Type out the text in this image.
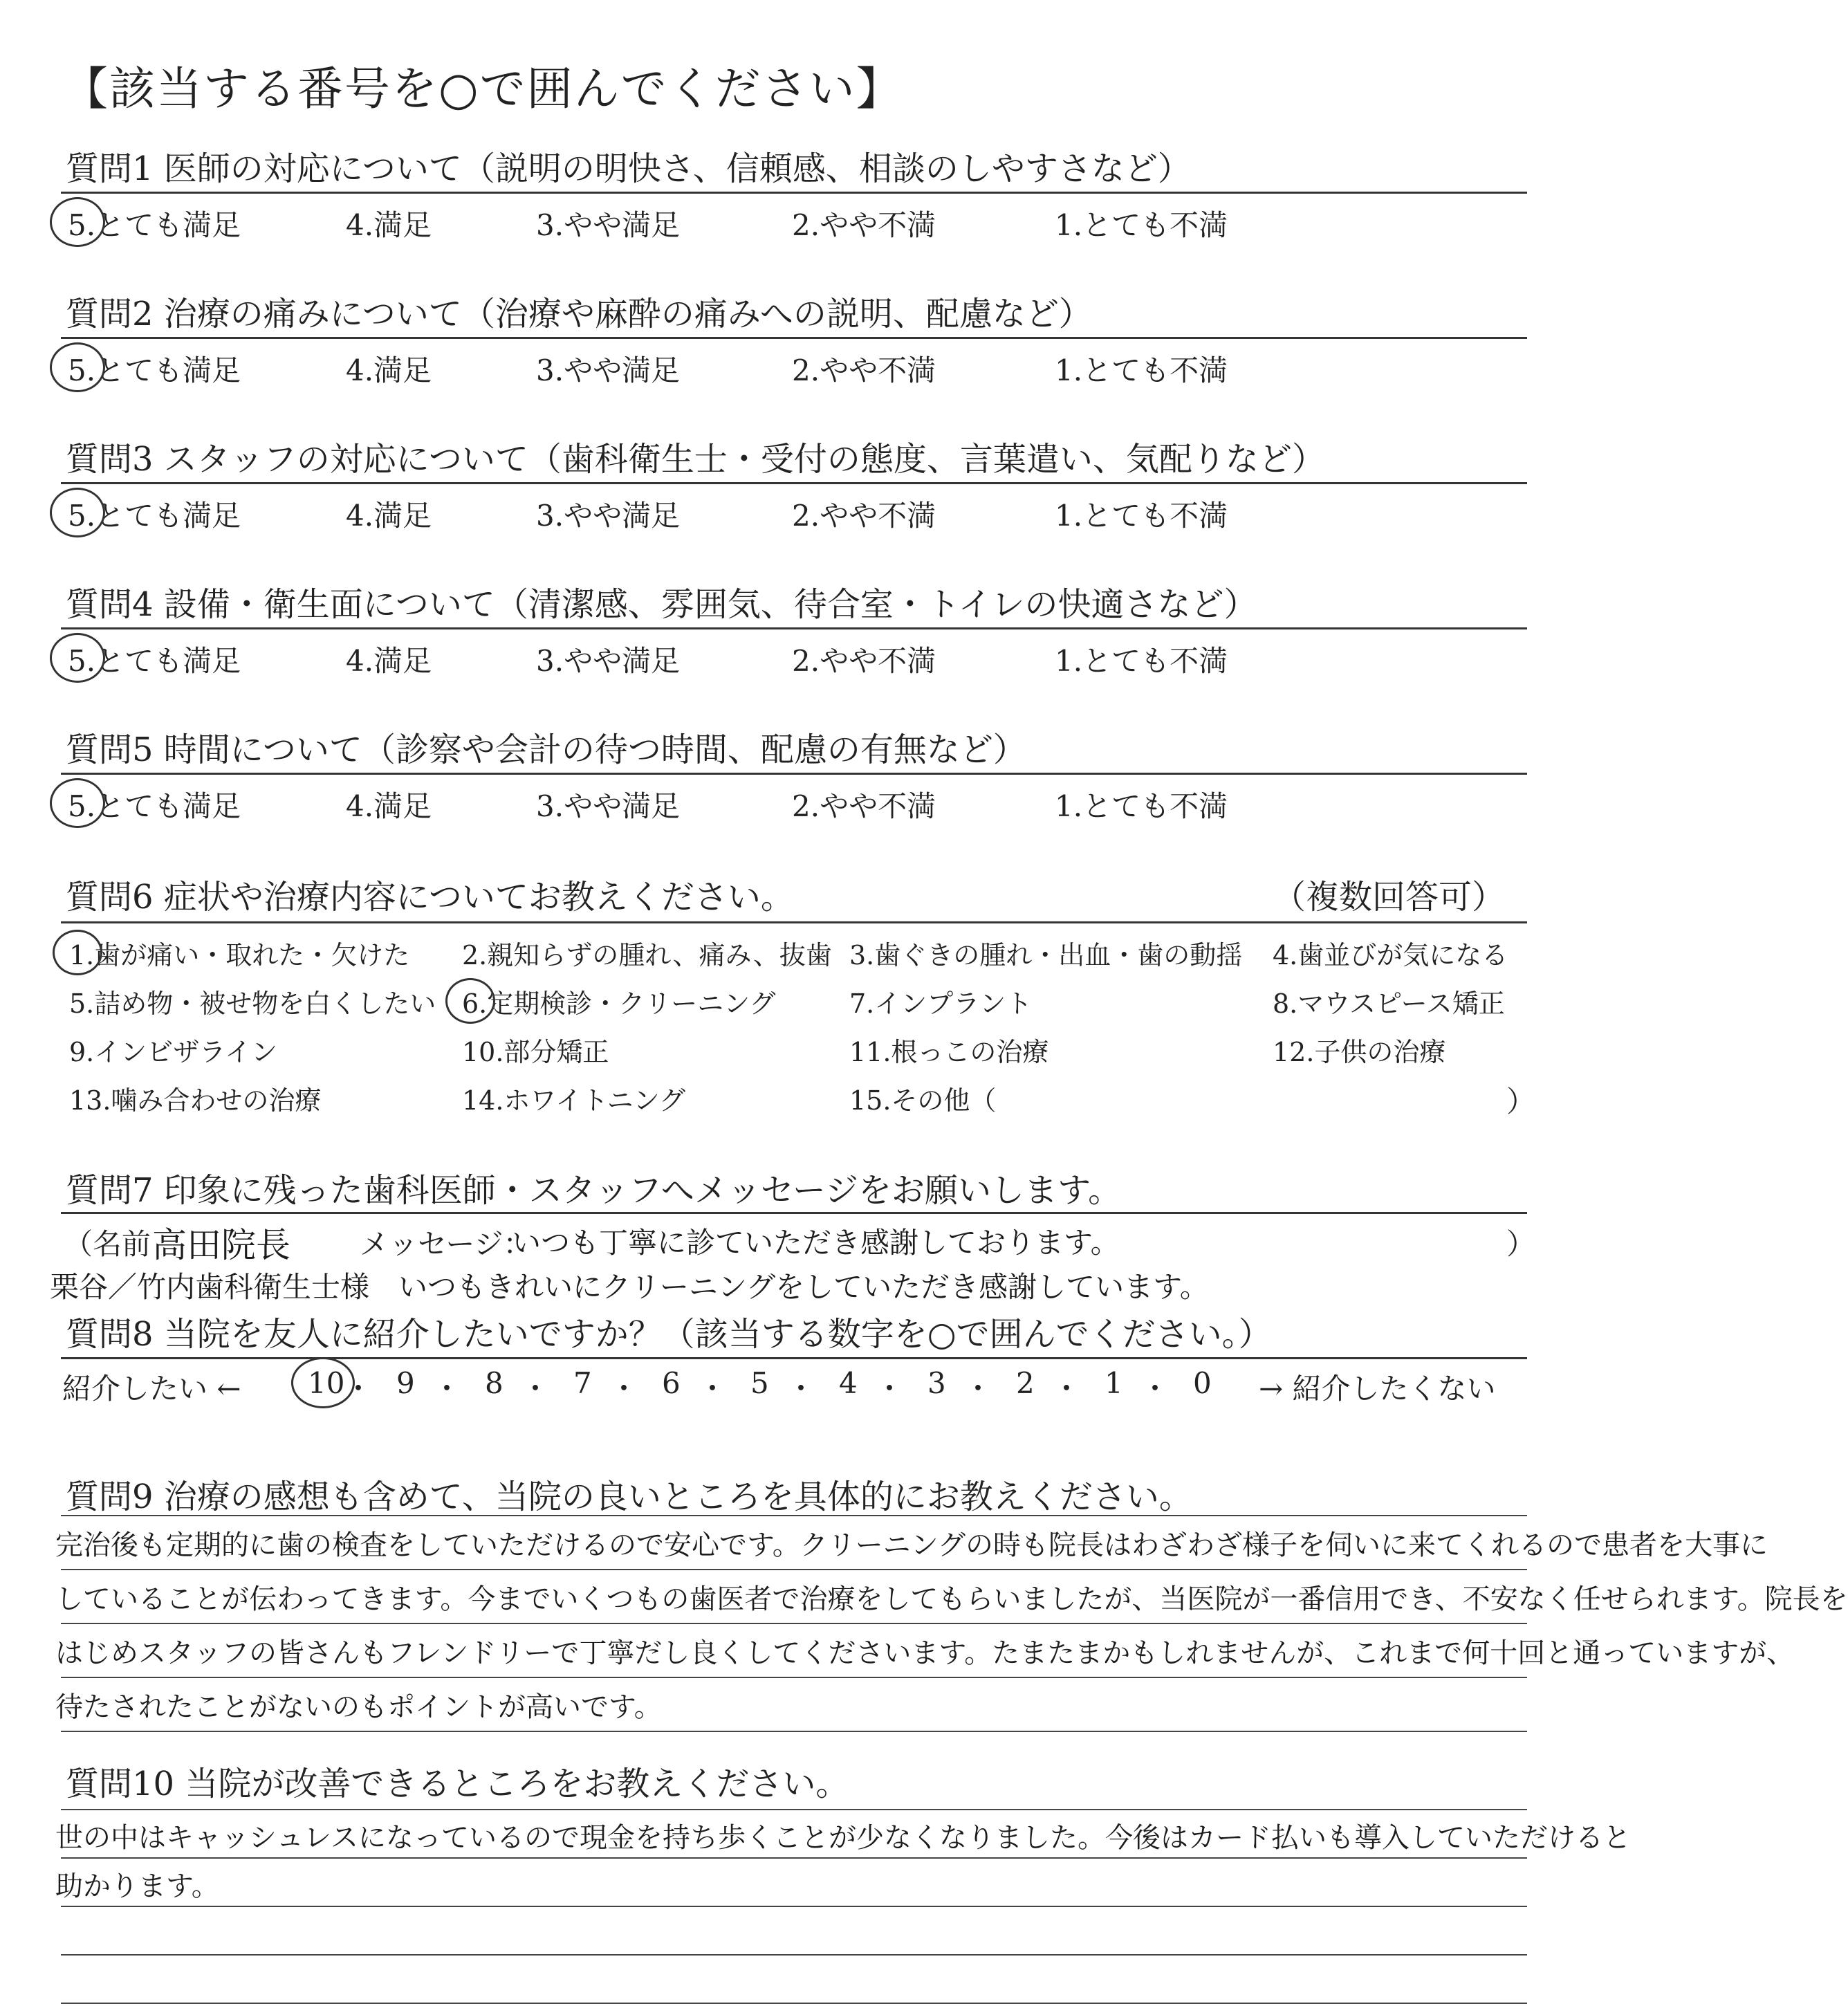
【該当する番号を○で囲んでください】
質問1 医師の対応について（説明の明快さ、信頼感、相談のしやすさなど）
5.とても満足	4.満足	3.やや満足	2.やや不満	1.とても不満
質問2 治療の痛みについて（治療や麻酔の痛みへの説明、配慮など）
5.とても満足	4.満足	3.やや満足	2.やや不満	1.とても不満
質問3 スタッフの対応について（歯科衛生士・受付の態度、言葉遣い、気配りなど）
5.とても満足	4.満足	3.やや満足	2.やや不満	1.とても不満
質問4 設備・衛生面について（清潔感、雰囲気、待合室・トイレの快適さなど）
5.とても満足	4.満足	3.やや満足	2.やや不満	1.とても不満
質問5 時間について（診察や会計の待つ時間、配慮の有無など）
5.とても満足	4.満足	3.やや満足	2.やや不満	1.とても不満
質問6 症状や治療内容についてお教えください。	（複数回答可）
1.歯が痛い・取れた・欠けた 2.親知らずの腫れ、痛み、抜歯 3.歯ぐきの腫れ・出血・歯の動揺 4.歯並びが気になる
5.詰め物・被せ物を白くしたい 6.定期検診・クリーニング	7.インプラント	8.マウスピース矯正
9.インビザライン	10.部分矯正	11.根っこの治療	12.子供の治療
13.噛み合わせの治療	14.ホワイトニング	15.その他（	）
質問7 印象に残った歯科医師・スタッフへメッセージをお願いします。
（名前 高田院長 メッセージ：
いつも丁寧に診ていただき感謝しております。	）
栗谷／竹内歯科衛生士様　いつもきれいにクリーニングをしていただき感謝しています。
質問8 当院を友人に紹介したいですか？（該当する数字を○で囲んでください。）
紹介したい ← 10
・ 9 ・ 8 ・ 7 ・ 6 ・ 5 ・ 4 ・ 3 ・ 2 ・ 1 ・ 0 → 紹介したくない
質問9 治療の感想も含めて、当院の良いところを具体的にお教えください。
完治後も定期的に歯の検査をしていただけるので安心です。クリーニングの時も院長はわざわざ様子を伺いに来てくれるので患者を大事に
していることが伝わってきます。今までいくつもの歯医者で治療をしてもらいましたが、当医院が一番信用でき、不安なく任せられます。院長を
はじめスタッフの皆さんもフレンドリーで丁寧だし良くしてくださいます。たまたまかもしれませんが、これまで何十回と通っていますが、
待たされたことがないのもポイントが高いです。
質問10 当院が改善できるところをお教えください。
世の中はキャッシュレスになっているので現金を持ち歩くことが少なくなりました。今後はカード払いも導入していただけると
助かります。
